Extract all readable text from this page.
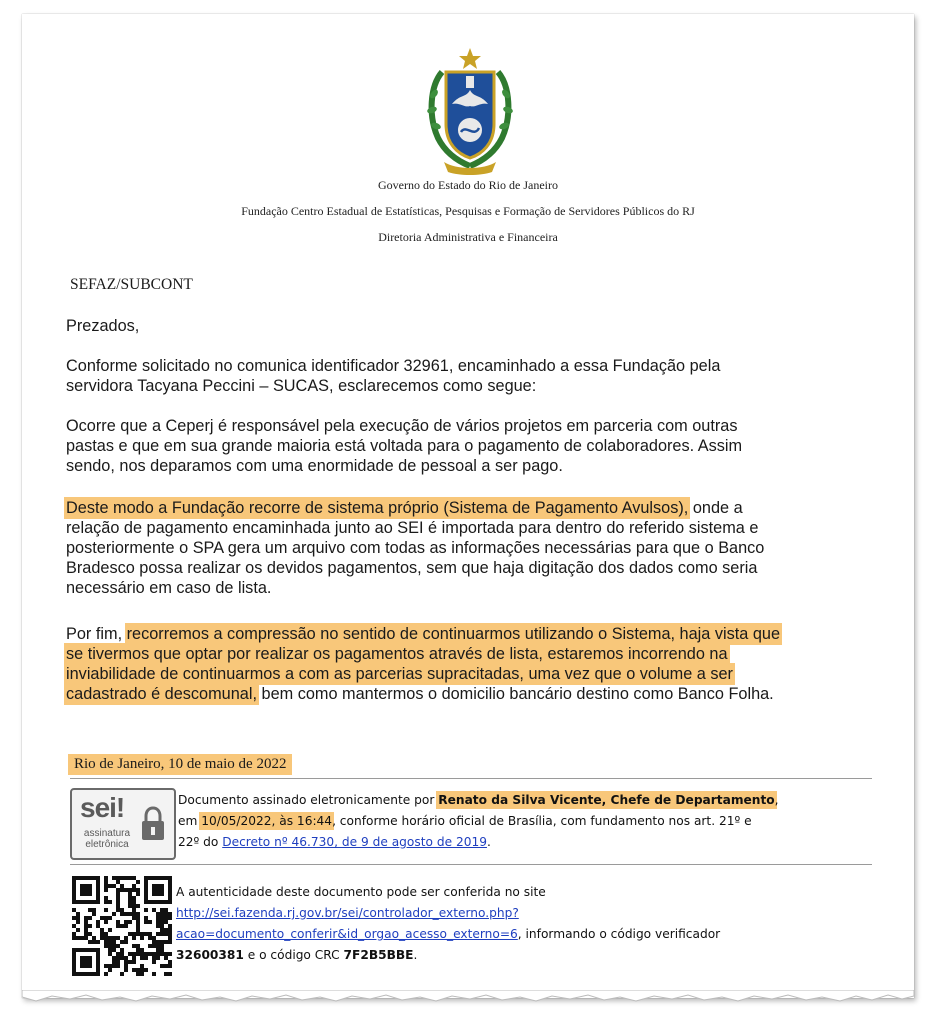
Governo do Estado do Rio de Janeiro
Fundação Centro Estadual de Estatísticas, Pesquisas e Formação de Servidores Públicos do RJ
Diretoria Administrativa e Financeira
SEFAZ/SUBCONT
Prezados,
Conforme solicitado no comunica identificador 32961, encaminhado a essa Fundação pela
servidora Tacyana Peccini – SUCAS, esclarecemos como segue:
Ocorre que a Ceperj é responsável pela execução de vários projetos em parceria com outras
pastas e que em sua grande maioria está voltada para o pagamento de colaboradores. Assim
sendo, nos deparamos com uma enormidade de pessoal a ser pago.
Deste modo a Fundação recorre de sistema próprio (Sistema de Pagamento Avulsos), onde a
relação de pagamento encaminhada junto ao SEI é importada para dentro do referido sistema e
posteriormente o SPA gera um arquivo com todas as informações necessárias para que o Banco
Bradesco possa realizar os devidos pagamentos, sem que haja digitação dos dados como seria
necessário em caso de lista.
Por fim, recorremos a compressão no sentido de continuarmos utilizando o Sistema, haja vista que
se tivermos que optar por realizar os pagamentos através de lista, estaremos incorrendo na
inviabilidade de continuarmos a com as parcerias supracitadas, uma vez que o volume a ser
cadastrado é descomunal, bem como mantermos o domicilio bancário destino como Banco Folha.
Rio de Janeiro, 10 de maio de 2022
sei!
assinatura
eletrônica
Documento assinado eletronicamente por Renato da Silva Vicente, Chefe de Departamento,
em 10/05/2022, às 16:44, conforme horário oficial de Brasília, com fundamento nos art. 21º e
22º do Decreto nº 46.730, de 9 de agosto de 2019.
A autenticidade deste documento pode ser conferida no site
http://sei.fazenda.rj.gov.br/sei/controlador_externo.php?
acao=documento_conferir&id_orgao_acesso_externo=6, informando o código verificador
32600381 e o código CRC 7F2B5BBE.
